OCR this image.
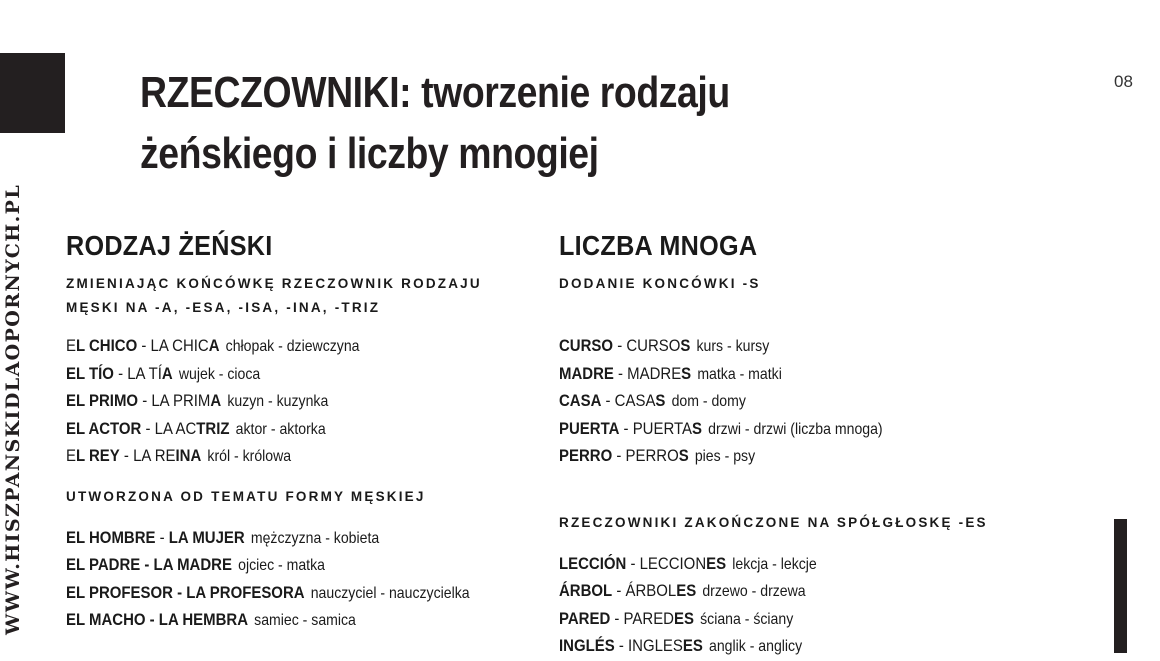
08
WWW.HISZPANSKIDLAOPORNYCH.PL
RZECZOWNIKI: tworzenie rodzaju żeńskiego i liczby mnogiej
RODZAJ ŻEŃSKI
ZMIENIAJĄC KOŃCÓWKĘ RZECZOWNIK RODZAJU
MĘSKI NA -A, -ESA, -ISA, -INA, -TRIZ
EL CHICO - LA CHICA chłopak - dziewczyna
EL TÍO - LA TÍA wujek - ciocа
EL PRIMO - LA PRIMA kuzyn - kuzynka
EL ACTOR - LA ACTRIZ aktor - aktorka
EL REY - LA REINA król - królowa
UTWORZONA OD TEMATU FORMY MĘSKIEJ
EL HOMBRE - LA MUJER mężczyzna - kobieta
EL PADRE - LA MADRE ojciec - matka
EL PROFESOR - LA PROFESORA nauczyciel - nauczycielka
EL MACHO - LA HEMBRA samiec - samica
LICZBA MNOGA
DODANIE KONCÓWKI -S
CURSO - CURSOS kurs - kursy
MADRE - MADRES matka - matki
CASA - CASAS dom - domy
PUERTA - PUERTAS drzwi - drzwi (liczba mnoga)
PERRO - PERROS pies - psy
RZECZOWNIKI ZAKOŃCZONE NA SPÓŁGŁOSKĘ -ES
LECCIÓN - LECCIONES lekcja - lekcje
ÁRBOL - ÁRBOLES drzewo - drzewa
PARED - PAREDES ściana - ściany
INGLÉS - INGLESES anglik - anglicy
